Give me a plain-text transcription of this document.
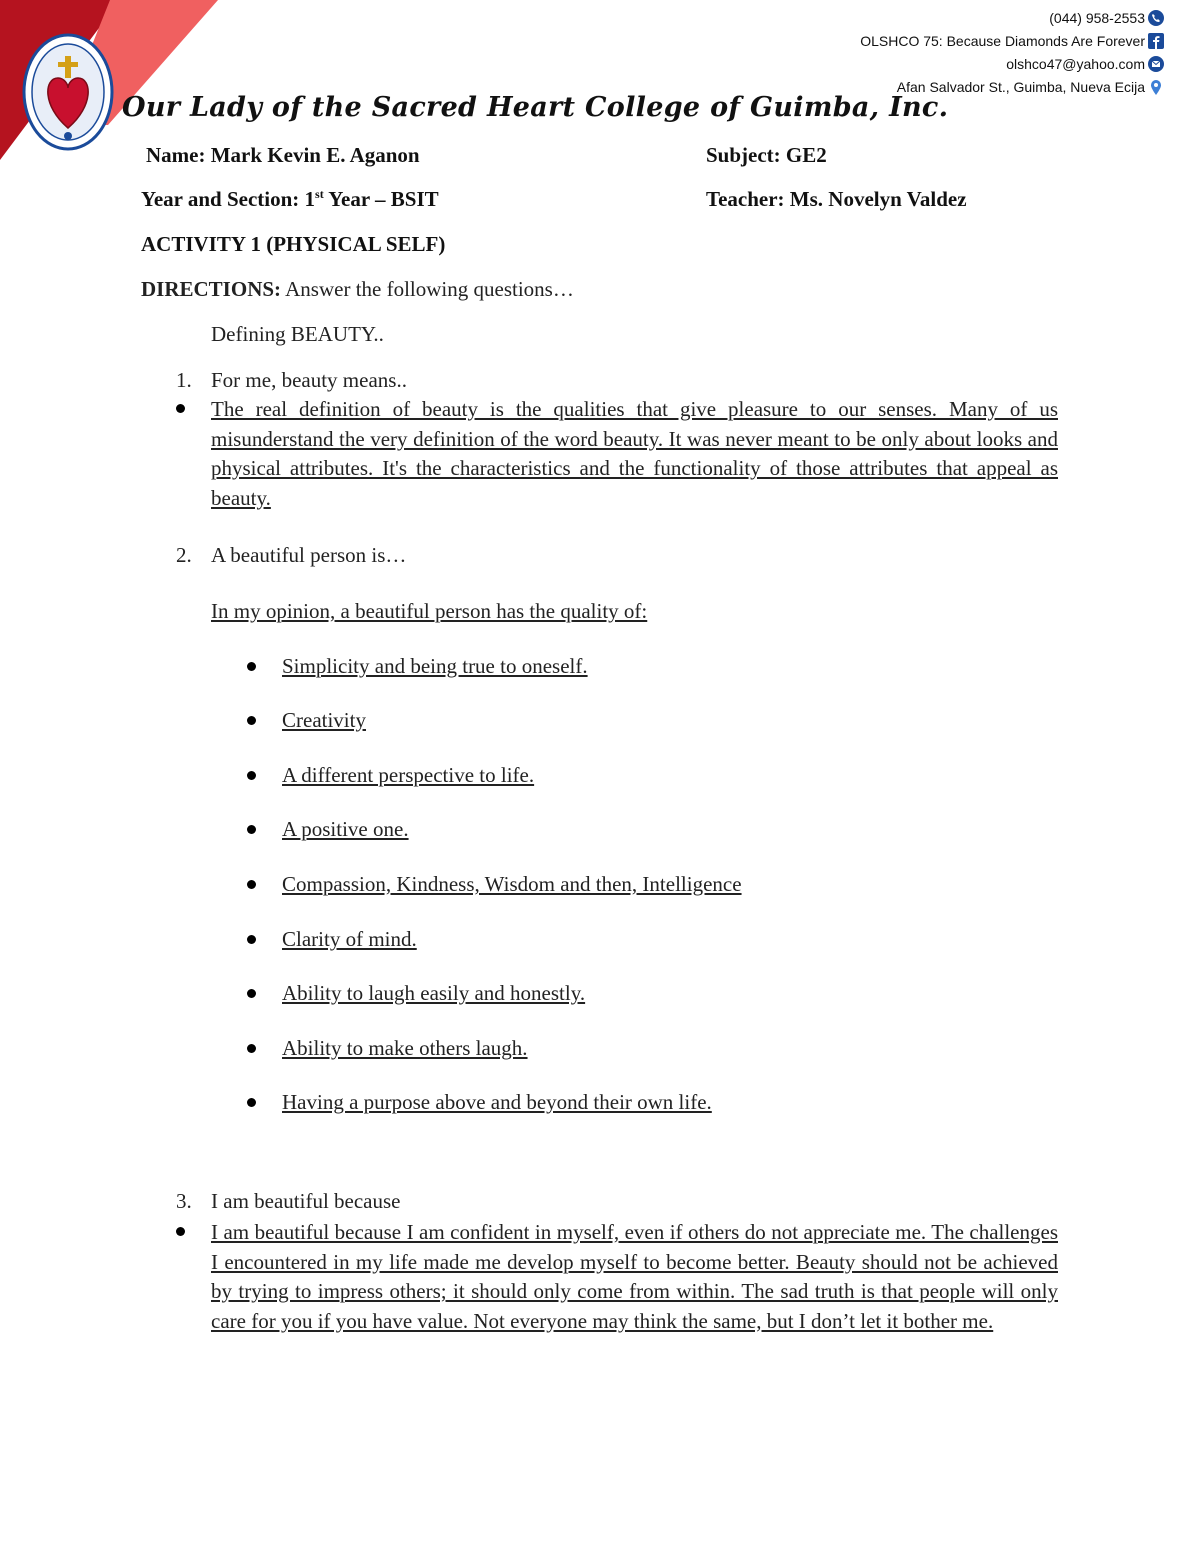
Our Lady of the Sacred Heart College of Guimba, Inc.
(044) 958-2553
OLSHCO 75: Because Diamonds Are Forever
olshco47@yahoo.com
Afan Salvador St., Guimba, Nueva Ecija
Name: Mark Kevin E. Aganon	Subject: GE2
Year and Section: 1st Year – BSIT	Teacher: Ms. Novelyn Valdez
ACTIVITY 1 (PHYSICAL SELF)
DIRECTIONS: Answer the following questions…
Defining BEAUTY..
1. For me, beauty means..
The real definition of beauty is the qualities that give pleasure to our senses. Many of us misunderstand the very definition of the word beauty. It was never meant to be only about looks and physical attributes. It's the characteristics and the functionality of those attributes that appeal as beauty.
2. A beautiful person is…
In my opinion, a beautiful person has the quality of:
Simplicity and being true to oneself.
Creativity
A different perspective to life.
A positive one.
Compassion, Kindness, Wisdom and then, Intelligence
Clarity of mind.
Ability to laugh easily and honestly.
Ability to make others laugh.
Having a purpose above and beyond their own life.
3. I am beautiful because
I am beautiful because I am confident in myself, even if others do not appreciate me. The challenges I encountered in my life made me develop myself to become better. Beauty should not be achieved by trying to impress others; it should only come from within. The sad truth is that people will only care for you if you have value. Not everyone may think the same, but I don’t let it bother me.
